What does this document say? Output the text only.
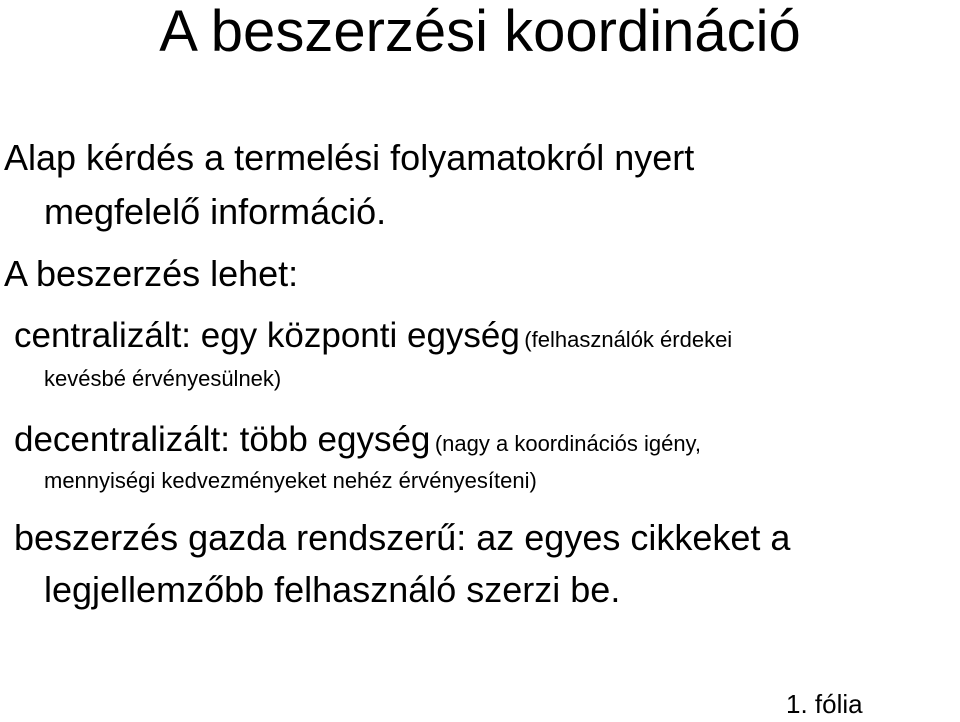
A beszerzési koordináció
Alap kérdés a termelési folyamatokról nyert
megfelelő információ.
A beszerzés lehet:
centralizált: egy központi egység (felhasználók érdekei
kevésbé érvényesülnek)
decentralizált: több egység (nagy a koordinációs igény,
mennyiségi kedvezményeket nehéz érvényesíteni)
beszerzés gazda rendszerű: az egyes cikkeket a
legjellemzőbb felhasználó szerzi be.
1. fólia
